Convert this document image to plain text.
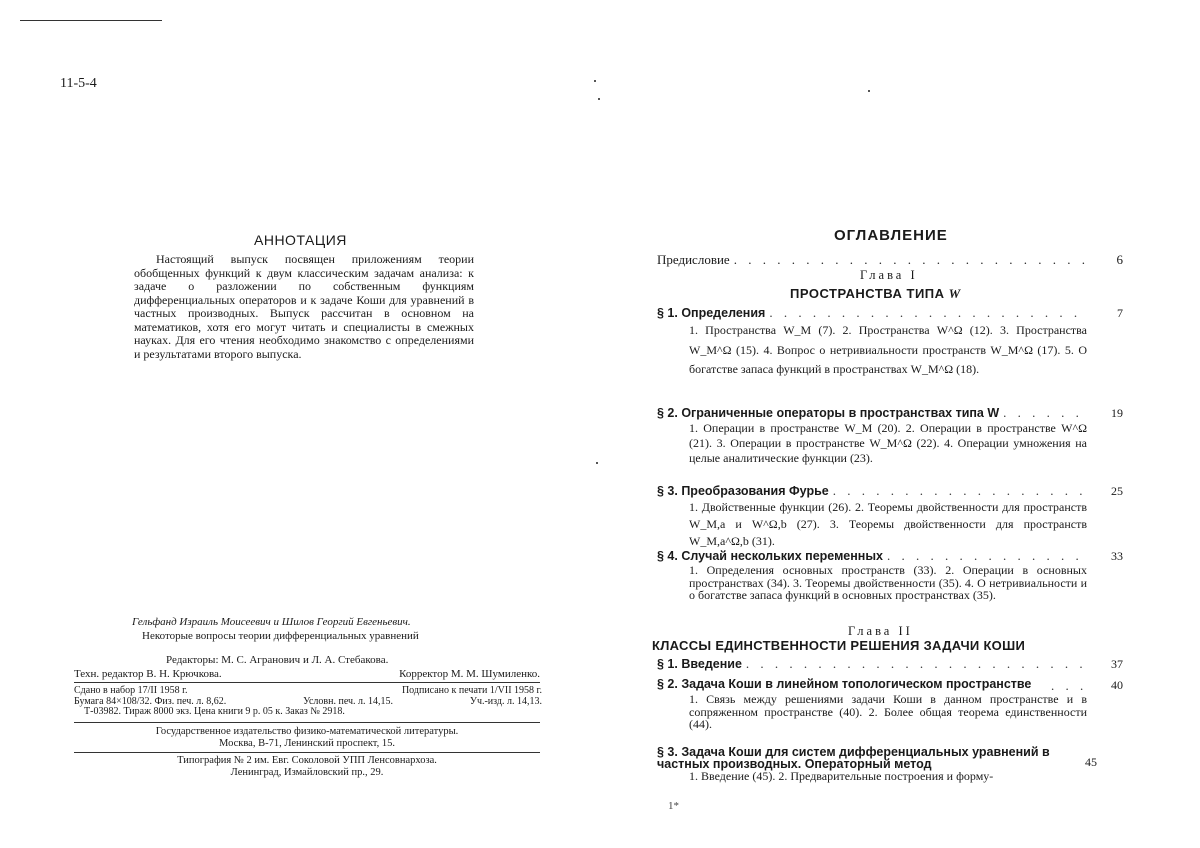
11-5-4
АННОТАЦИЯ

Настоящий выпуск посвящен приложениям теории обобщенных функций к двум классическим задачам анализа: к задаче о разложении по собственным функциям дифференциальных операторов и к задаче Коши для уравнений в частных производных. Выпуск рассчитан в основном на математиков, хотя его могут читать и специалисты в смежных науках. Для его чтения необходимо знакомство с определениями и результатами второго выпуска.

Гельфанд Израиль Моисеевич и Шилов Георгий Евгеньевич.
Некоторые вопросы теории дифференциальных уравнений
Редакторы: М. С. Агранович и Л. А. Стебакова.
Техн. редактор В. Н. Крючкова.	Корректор М. М. Шумиленко.
Сдано в набор 17/II 1958 г.	Подписано к печати 1/VII 1958 г.
Бумага 84×108/32. Физ. печ. л. 8,62.	Условн. печ. л. 14,15.	Уч.-изд. л. 14,13.
Т-03982. Тираж 8000 экз. Цена книги 9 р. 05 к. Заказ № 2918.
Государственное издательство физико-математической литературы.
Москва, В-71, Ленинский проспект, 15.
Типография № 2 им. Евг. Соколовой УПП Ленсовнархоза.
Ленинград, Измайловский пр., 29.
ОГЛАВЛЕНИЕ
Предисловие . . .	6
Глава I
ПРОСТРАНСТВА ТИПА W
§ 1. Определения . . .	7
1. Пространства W_M (7). 2. Пространства W^Ω (12). 3. Пространства W_M^Ω (15). 4. Вопрос о нетривиальности пространств W_M^Ω (17). 5. О богатстве запаса функций в пространствах W_M^Ω (18).
§ 2. Ограниченные операторы в пространствах типа W . . .	19
1. Операции в пространстве W_M (20). 2. Операции в пространстве W^Ω (21). 3. Операции в пространстве W_M^Ω (22). 4. Операции умножения на целые аналитические функции (23).
§ 3. Преобразования Фурье . . .	25
1. Двойственные функции (26). 2. Теоремы двойственности для пространств W_M,a и W^Ω,b (27). 3. Теоремы двойственности для пространств W_M,a^Ω,b (31).
§ 4. Случай нескольких переменных . . .	33
1. Определения основных пространств (33). 2. Операции в основных пространствах (34). 3. Теоремы двойственности (35). 4. О нетривиальности и о богатстве запаса функций в основных пространствах (35).
Глава II
КЛАССЫ ЕДИНСТВЕННОСТИ РЕШЕНИЯ ЗАДАЧИ КОШИ
§ 1. Введение . . .	37
§ 2. Задача Коши в линейном топологическом пространстве . . .	40
1. Связь между решениями задачи Коши в данном пространстве и в сопряженном пространстве (40). 2. Более общая теорема единственности (44).
§ 3. Задача Коши для систем дифференциальных уравнений в частных производных. Операторный метод	45
1. Введение (45). 2. Предварительные построения и форму-
1*
